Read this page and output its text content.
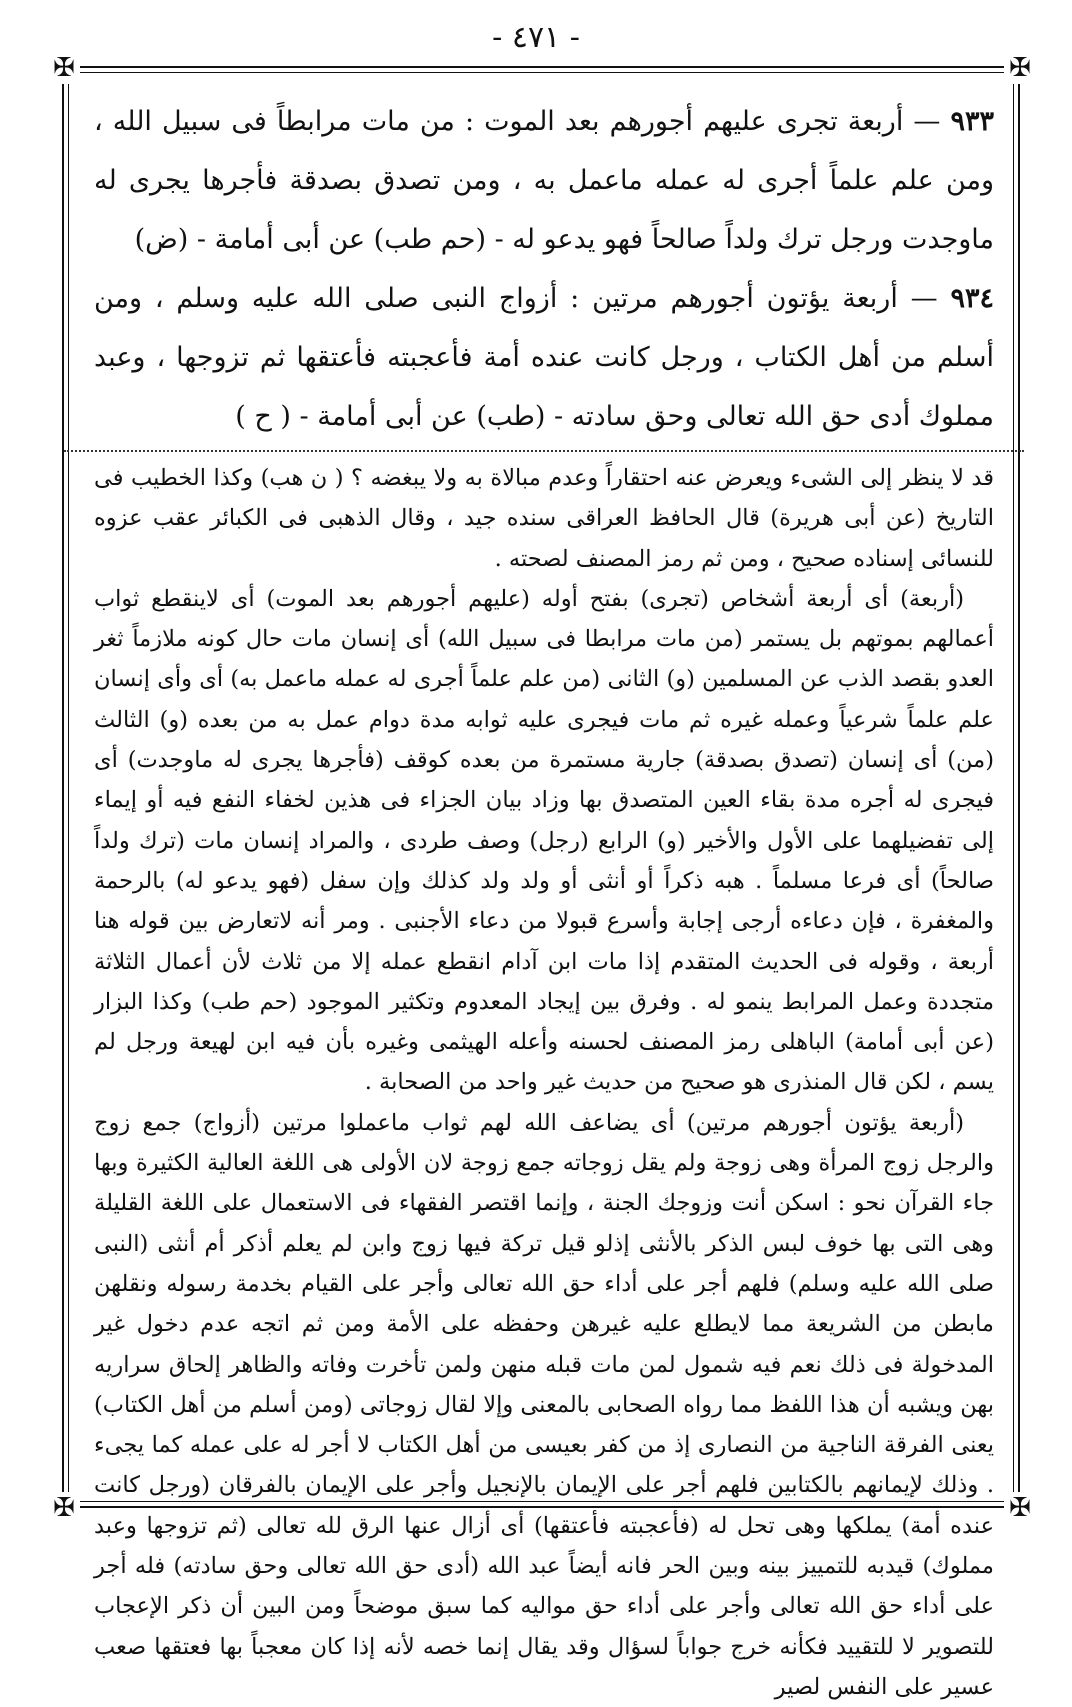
- ٤٧١ -
✠	✠
✠	✠

٩٣٣ — أربعة تجرى عليهم أجورهم بعد الموت : من مات مرابطاً فى سبيل الله ، ومن علم علماً أجرى له عمله ماعمل به ، ومن تصدق بصدقة فأجرها يجرى له ماوجدت ورجل ترك ولداً صالحاً فهو يدعو له - (حم طب) عن أبى أمامة - (ض)

٩٣٤ — أربعة يؤتون أجورهم مرتين : أزواج النبى صلى الله عليه وسلم ، ومن أسلم من أهل الكتاب ، ورجل كانت عنده أمة فأعجبته فأعتقها ثم تزوجها ، وعبد مملوك أدى حق الله تعالى وحق سادته - (طب) عن أبى أمامة - ( ح )

قد لا ينظر إلى الشىء ويعرض عنه احتقاراً وعدم مبالاة به ولا يبغضه ؟ ( ن هب) وكذا الخطيب فى التاريخ (عن أبى هريرة) قال الحافظ العراقى سنده جيد ، وقال الذهبى فى الكبائر عقب عزوه للنسائى إسناده صحيح ، ومن ثم رمز المصنف لصحته .

(أربعة) أى أربعة أشخاص (تجرى) بفتح أوله (عليهم أجورهم بعد الموت) أى لاينقطع ثواب أعمالهم بموتهم بل يستمر (من مات مرابطا فى سبيل الله) أى إنسان مات حال كونه ملازماً ثغر العدو بقصد الذب عن المسلمين (و) الثانى (من علم علماً أجرى له عمله ماعمل به) أى وأى إنسان علم علماً شرعياً وعمله غيره ثم مات فيجرى عليه ثوابه مدة دوام عمل به من بعده (و) الثالث (من) أى إنسان (تصدق بصدقة) جارية مستمرة من بعده كوقف (فأجرها يجرى له ماوجدت) أى فيجرى له أجره مدة بقاء العين المتصدق بها وزاد بيان الجزاء فى هذين لخفاء النفع فيه أو إيماء إلى تفضيلهما على الأول والأخير (و) الرابع (رجل) وصف طردى ، والمراد إنسان مات (ترك ولداً صالحاً) أى فرعا مسلماً . هبه ذكراً أو أنثى أو ولد ولد كذلك وإن سفل (فهو يدعو له) بالرحمة والمغفرة ، فإن دعاءه أرجى إجابة وأسرع قبولا من دعاء الأجنبى . ومر أنه لاتعارض بين قوله هنا أربعة ، وقوله فى الحديث المتقدم إذا مات ابن آدام انقطع عمله إلا من ثلاث لأن أعمال الثلاثة متجددة وعمل المرابط ينمو له . وفرق بين إيجاد المعدوم وتكثير الموجود (حم طب) وكذا البزار (عن أبى أمامة) الباهلى رمز المصنف لحسنه وأعله الهيثمى وغيره بأن فيه ابن لهيعة ورجل لم يسم ، لكن قال المنذرى هو صحيح من حديث غير واحد من الصحابة .

(أربعة يؤتون أجورهم مرتين) أى يضاعف الله لهم ثواب ماعملوا مرتين (أزواج) جمع زوج والرجل زوج المرأة وهى زوجة ولم يقل زوجاته جمع زوجة لان الأولى هى اللغة العالية الكثيرة وبها جاء القرآن نحو : اسكن أنت وزوجك الجنة ، وإنما اقتصر الفقهاء فى الاستعمال على اللغة القليلة وهى التى بها خوف لبس الذكر بالأنثى إذلو قيل تركة فيها زوج وابن لم يعلم أذكر أم أنثى (النبى صلى الله عليه وسلم) فلهم أجر على أداء حق الله تعالى وأجر على القيام بخدمة رسوله ونقلهن مابطن من الشريعة مما لايطلع عليه غيرهن وحفظه على الأمة ومن ثم اتجه عدم دخول غير المدخولة فى ذلك نعم فيه شمول لمن مات قبله منهن ولمن تأخرت وفاته والظاهر إلحاق سراريه بهن ويشبه أن هذا اللفظ مما رواه الصحابى بالمعنى وإلا لقال زوجاتى (ومن أسلم من أهل الكتاب) يعنى الفرقة الناجية من النصارى إذ من كفر بعيسى من أهل الكتاب لا أجر له على عمله كما يجىء . وذلك لإيمانهم بالكتابين فلهم أجر على الإيمان بالإنجيل وأجر على الإيمان بالفرقان (ورجل كانت عنده أمة) يملكها وهى تحل له (فأعجبته فأعتقها) أى أزال عنها الرق لله تعالى (ثم تزوجها وعبد مملوك) قيدبه للتمييز بينه وبين الحر فانه أيضاً عبد الله (أدى حق الله تعالى وحق سادته) فله أجر على أداء حق الله تعالى وأجر على أداء حق مواليه كما سبق موضحاً ومن البين أن ذكر الإعجاب للتصوير لا للتقييد فكأنه خرج جواباً لسؤال وقد يقال إنما خصه لأنه إذا كان معجباً بها فعتقها صعب عسير على النفس لصير
